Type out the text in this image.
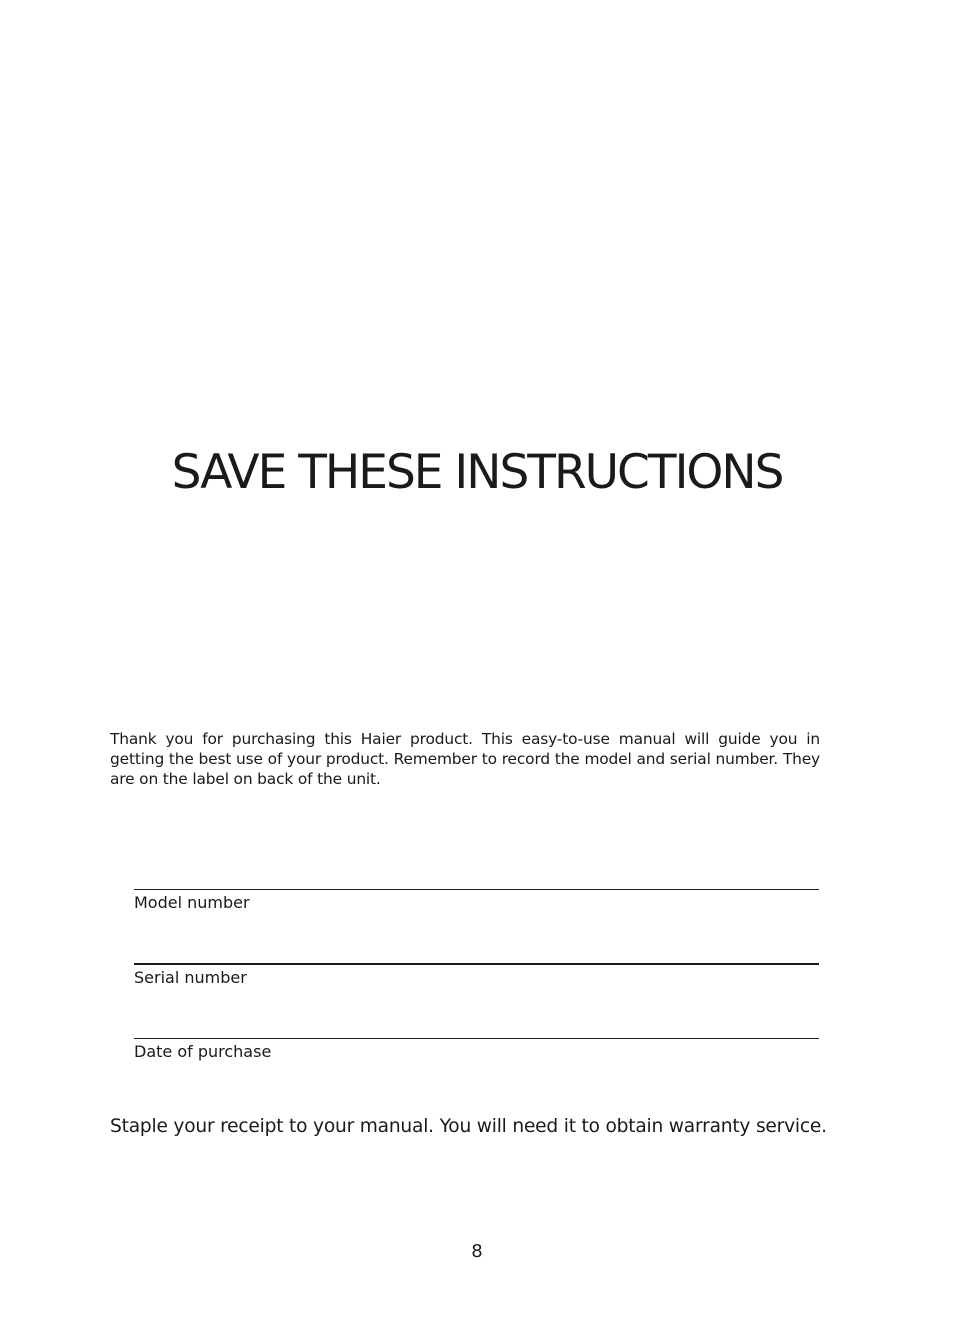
SAVE THESE INSTRUCTIONS

Thank you for purchasing this Haier product. This easy-to-use manual will guide you in getting the best use of your product. Remember to record the model and serial number. They are on the label on back of the unit.

Model number
Serial number
Date of purchase

Staple your receipt to your manual. You will need it to obtain warranty service.

8
